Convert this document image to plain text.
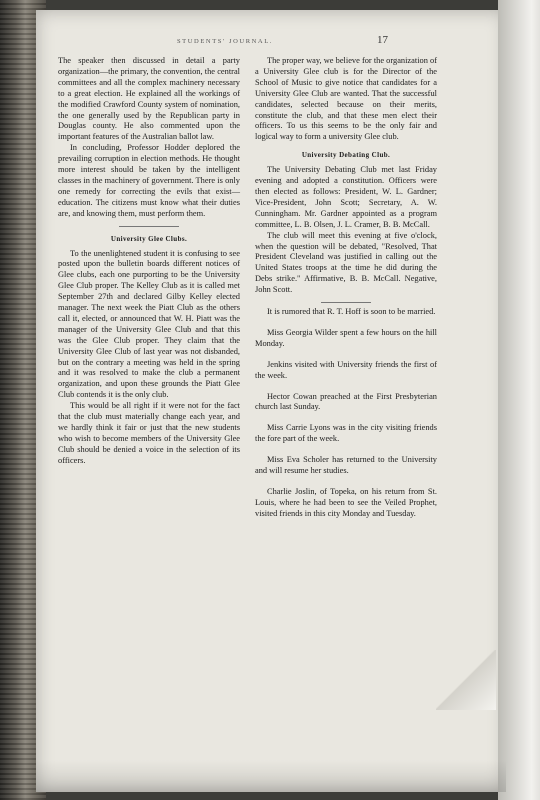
STUDENTS' JOURNAL.	17

The speaker then discussed in detail a party organization—the primary, the convention, the central committees and all the complex machinery necessary to a great election. He explained all the workings of the modified Crawford County system of nomination, the one generally used by the Republican party in Douglas county. He also commented upon the important features of the Australian ballot law.

In concluding, Professor Hodder deplored the prevailing corruption in election methods. He thought more interest should be taken by the intelligent classes in the machinery of government. There is only one remedy for correcting the evils that exist—education. The citizens must know what their duties are, and knowing them, must perform them.

University Glee Clubs.

To the unenlightened student it is confusing to see posted upon the bulletin boards different notices of Glee clubs, each one purporting to be the University Glee Club proper. The Kelley Club as it is called met September 27th and declared Gilby Kelley elected manager. The next week the Piatt Club as the others call it, elected, or announced that W. H. Piatt was the manager of the University Glee Club and that this was the Glee Club proper. They claim that the University Glee Club of last year was not disbanded, but on the contrary a meeting was held in the spring and it was resolved to make the club a permanent organization, and upon these grounds the Piatt Glee Club contends it is the only club.

This would be all right if it were not for the fact that the club must materially change each year, and we hardly think it fair or just that the new students who wish to become members of the University Glee Club should be denied a voice in the selection of its officers.

The proper way, we believe for the organization of a University Glee club is for the Director of the School of Music to give notice that candidates for a University Glee Club are wanted. That the successful candidates, selected because on their merits, constitute the club, and that these men elect their officers. To us this seems to be the only fair and logical way to form a university Glee club.

University Debating Club.

The University Debating Club met last Friday evening and adopted a constitution. Officers were then elected as follows: President, W. L. Gardner; Vice-President, John Scott; Secretary, A. W. Cunningham. Mr. Gardner appointed as a program committee, L. B. Olsen, J. L. Cramer, B. B. McCall.

The club will meet this evening at five o'clock, when the question will be debated, "Resolved, That President Cleveland was justified in calling out the United States troops at the time he did during the Debs strike." Affirmative, B. B. McCall. Negative, John Scott.

It is rumored that R. T. Hoff is soon to be married.

Miss Georgia Wilder spent a few hours on the hill Monday.

Jenkins visited with University friends the first of the week.

Hector Cowan preached at the First Presbyterian church last Sunday.

Miss Carrie Lyons was in the city visiting friends the fore part of the week.

Miss Eva Scholer has returned to the University and will resume her studies.

Charlie Joslin, of Topeka, on his return from St. Louis, where he had been to see the Veiled Prophet, visited friends in this city Monday and Tuesday.
